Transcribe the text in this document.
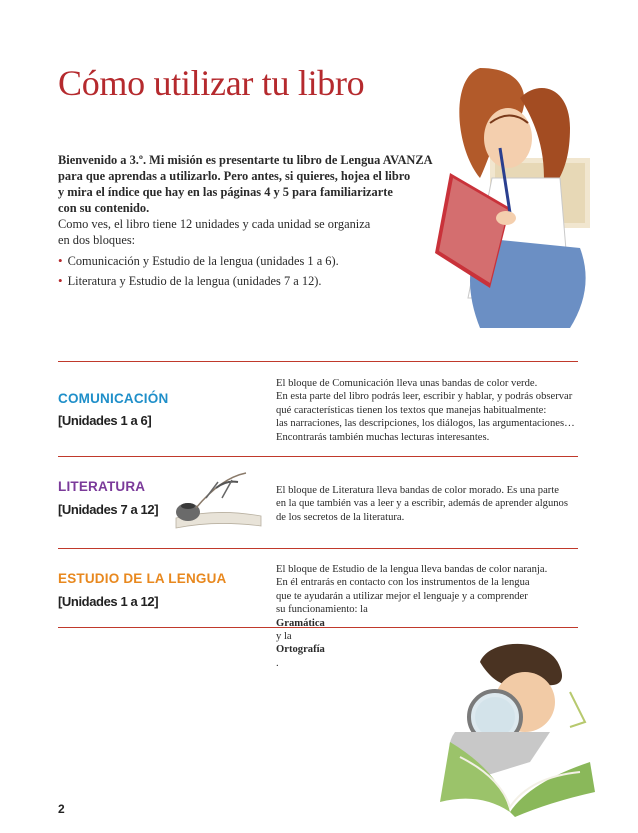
Cómo utilizar tu libro
Bienvenido a 3.º. Mi misión es presentarte tu libro de Lengua AVANZA
para que aprendas a utilizarlo. Pero antes, si quieres, hojea el libro
y mira el índice que hay en las páginas 4 y 5 para familiarizarte
con su contenido.
Como ves, el libro tiene 12 unidades y cada unidad se organiza
en dos bloques:
• Comunicación y Estudio de la lengua (unidades 1 a 6).
• Literatura y Estudio de la lengua (unidades 7 a 12).
COMUNICACIÓN

[Unidades 1 a 6]

El bloque de Comunicación lleva unas bandas de color verde.
En esta parte del libro podrás leer, escribir y hablar, y podrás observar
qué características tienen los textos que manejas habitualmente:
las narraciones, las descripciones, los diálogos, las argumentaciones…
Encontrarás también muchas lecturas interesantes.
LITERATURA

[Unidades 7 a 12]

El bloque de Literatura lleva bandas de color morado. Es una parte
en la que también vas a leer y a escribir, además de aprender algunos
de los secretos de la literatura.
ESTUDIO DE LA LENGUA

[Unidades 1 a 12]

El bloque de Estudio de la lengua lleva bandas de color naranja.
En él entrarás en contacto con los instrumentos de la lengua
que te ayudarán a utilizar mejor el lenguaje y a comprender
su funcionamiento: la
Gramática
y la
Ortografía
.
2
